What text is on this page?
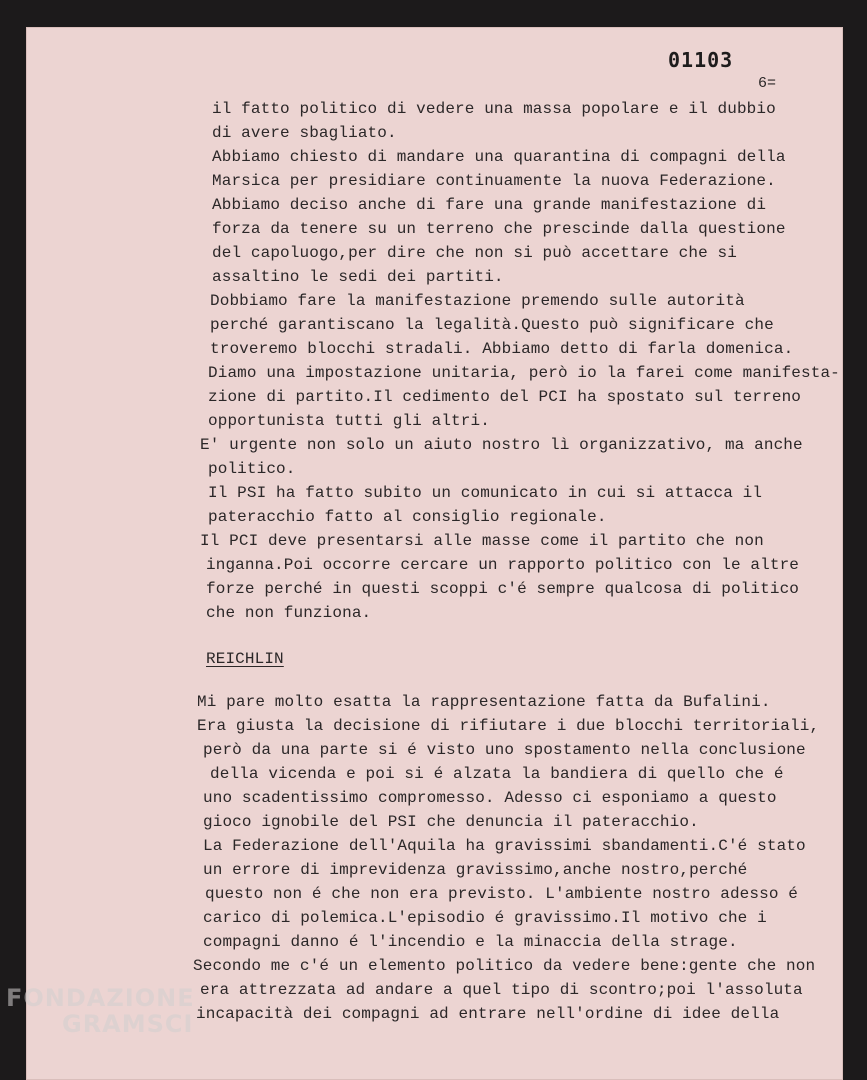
01103
6=
il fatto politico di vedere una massa popolare e il dubbio
di avere sbagliato.
Abbiamo chiesto di mandare una quarantina di compagni della
Marsica per presidiare continuamente la nuova Federazione.
Abbiamo deciso anche di fare una grande manifestazione di
forza da tenere su un terreno che prescinde dalla questione
del capoluogo,per dire che non si può accettare che si
assaltino le sedi dei partiti.
Dobbiamo fare la manifestazione premendo sulle autorità
perché garantiscano la legalità.Questo può significare che
troveremo blocchi stradali. Abbiamo detto di farla domenica.
Diamo una impostazione unitaria, però io la farei come manifesta-
zione di partito.Il cedimento del PCI ha spostato sul terreno
opportunista tutti gli altri.
E' urgente non solo un aiuto nostro lì organizzativo, ma anche
politico.
Il PSI ha fatto subito un comunicato in cui si attacca il
pateracchio fatto al consiglio regionale.
Il PCI deve presentarsi alle masse come il partito che non
inganna.Poi occorre cercare un rapporto politico con le altre
forze perché in questi scoppi c'é sempre qualcosa di politico
che non funziona.
REICHLIN
Mi pare molto esatta la rappresentazione fatta da Bufalini.
Era giusta la decisione di rifiutare i due blocchi territoriali,
però da una parte si é visto uno spostamento nella conclusione
della vicenda e poi si é alzata la bandiera di quello che é
uno scadentissimo compromesso. Adesso ci esponiamo a questo
gioco ignobile del PSI che denuncia il pateracchio.
La Federazione dell'Aquila ha gravissimi sbandamenti.C'é stato
un errore di imprevidenza gravissimo,anche nostro,perché
questo non é che non era previsto. L'ambiente nostro adesso é
carico di polemica.L'episodio é gravissimo.Il motivo che i
compagni danno é l'incendio e la minaccia della strage.
Secondo me c'é un elemento politico da vedere bene:gente che non
era attrezzata ad andare a quel tipo di scontro;poi l'assoluta
incapacità dei compagni ad entrare nell'ordine di idee della
FONDAZIONE
GRAMSCI
